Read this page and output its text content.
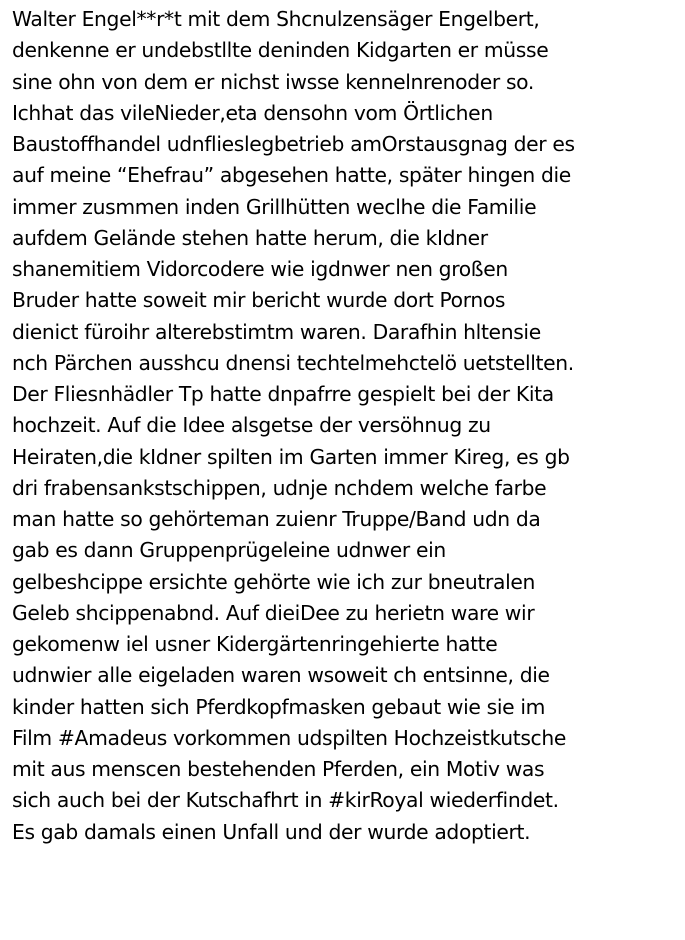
Walter Engel**r*t mit dem Shcnulzensäger Engelbert,
denkenne er undebstllte deninden Kidgarten er müsse
sine ohn von dem er nichst iwsse kennelnrenoder so.
Ichhat das vileNieder,eta densohn vom Örtlichen
Baustoffhandel udnflieslegbetrieb amOrstausgnag der es
auf meine “Ehefrau” abgesehen hatte, später hingen die
immer zusmmen inden Grillhütten weclhe die Familie
aufdem Gelände stehen hatte herum, die kIdner
shanemitiem Vidorcodere wie igdnwer nen großen
Bruder hatte soweit mir bericht wurde dort Pornos
dienict füroihr alterebstimtm waren. Darafhin hltensie
nch Pärchen ausshcu dnensi techtelmehctelö uetstellten.
Der Fliesnhädler Tp hatte dnpafrre gespielt bei der Kita
hochzeit. Auf die Idee alsgetse der versöhnug zu
Heiraten,die kIdner spilten im Garten immer Kireg, es gb
dri frabensankstschippen, udnje nchdem welche farbe
man hatte so gehörteman zuienr Truppe/Band udn da
gab es dann Gruppenprügeleine udnwer ein
gelbeshcippe ersichte gehörte wie ich zur bneutralen
Geleb shcippenabnd. Auf dieiDee zu herietn ware wir
gekomenw iel usner Kidergärtenringehierte hatte
udnwier alle eigeladen waren wsoweit ch entsinne, die
kinder hatten sich Pferdkopfmasken gebaut wie sie im
Film #Amadeus vorkommen udspilten Hochzeistkutsche
mit aus menscen bestehenden Pferden, ein Motiv was
sich auch bei der Kutschafhrt in #kirRoyal wiederfindet.
Es gab damals einen Unfall und der wurde adoptiert.
